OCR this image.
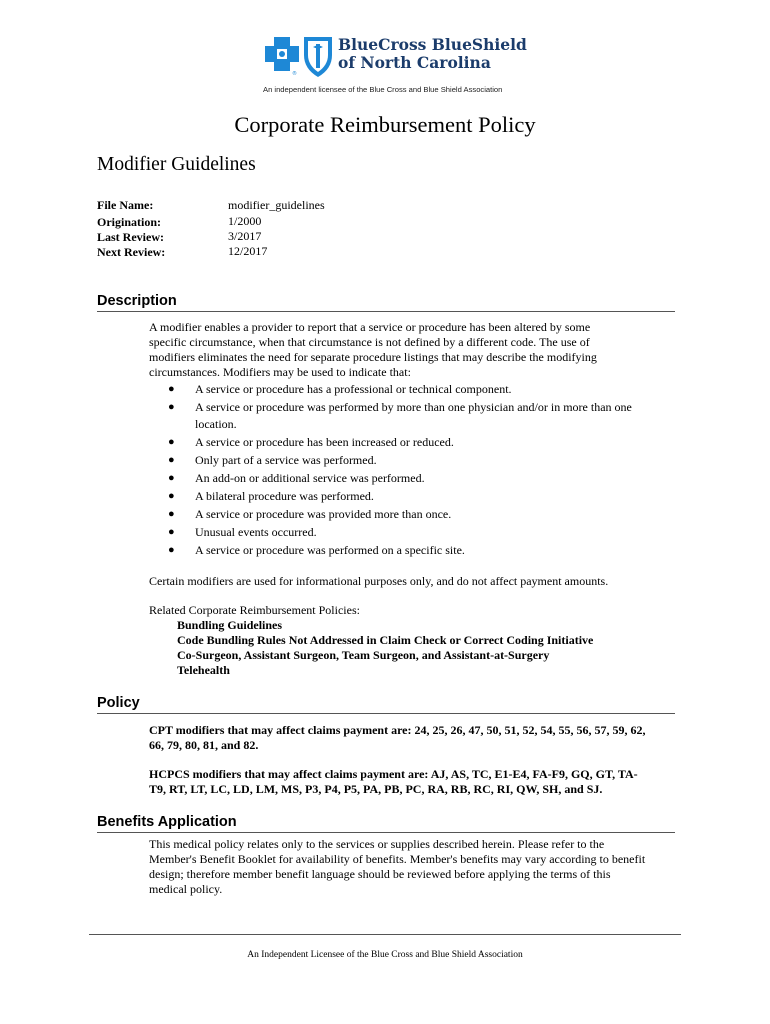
®
BlueCross BlueShield
of North Carolina
An independent licensee of the Blue Cross and Blue Shield Association
Corporate Reimbursement Policy
Modifier Guidelines
File Name:	modifier_guidelines
Origination:	1/2000
Last Review:	3/2017
Next Review:	12/2017
Description
A modifier enables a provider to report that a service or procedure has been altered by some
specific circumstance, when that circumstance is not defined by a different code. The use of
modifiers eliminates the need for separate procedure listings that may describe the modifying
circumstances. Modifiers may be used to indicate that:
● A service or procedure has a professional or technical component.
● A service or procedure was performed by more than one physician and/or in more than one location.
● A service or procedure has been increased or reduced.
● Only part of a service was performed.
● An add-on or additional service was performed.
● A bilateral procedure was performed.
● A service or procedure was provided more than once.
● Unusual events occurred.
● A service or procedure was performed on a specific site.
Certain modifiers are used for informational purposes only, and do not affect payment amounts.
Related Corporate Reimbursement Policies:
Bundling Guidelines
Code Bundling Rules Not Addressed in Claim Check or Correct Coding Initiative
Co-Surgeon, Assistant Surgeon, Team Surgeon, and Assistant-at-Surgery
Telehealth
Policy
CPT modifiers that may affect claims payment are: 24, 25, 26, 47, 50, 51, 52, 54, 55, 56, 57, 59, 62,
66, 79, 80, 81, and 82.
HCPCS modifiers that may affect claims payment are: AJ, AS, TC, E1-E4, FA-F9, GQ, GT, TA-
T9, RT, LT, LC, LD, LM, MS, P3, P4, P5, PA, PB, PC, RA, RB, RC, RI, QW, SH, and SJ.
Benefits Application
This medical policy relates only to the services or supplies described herein. Please refer to the
Member's Benefit Booklet for availability of benefits. Member's benefits may vary according to benefit
design; therefore member benefit language should be reviewed before applying the terms of this
medical policy.
An Independent Licensee of the Blue Cross and Blue Shield Association
